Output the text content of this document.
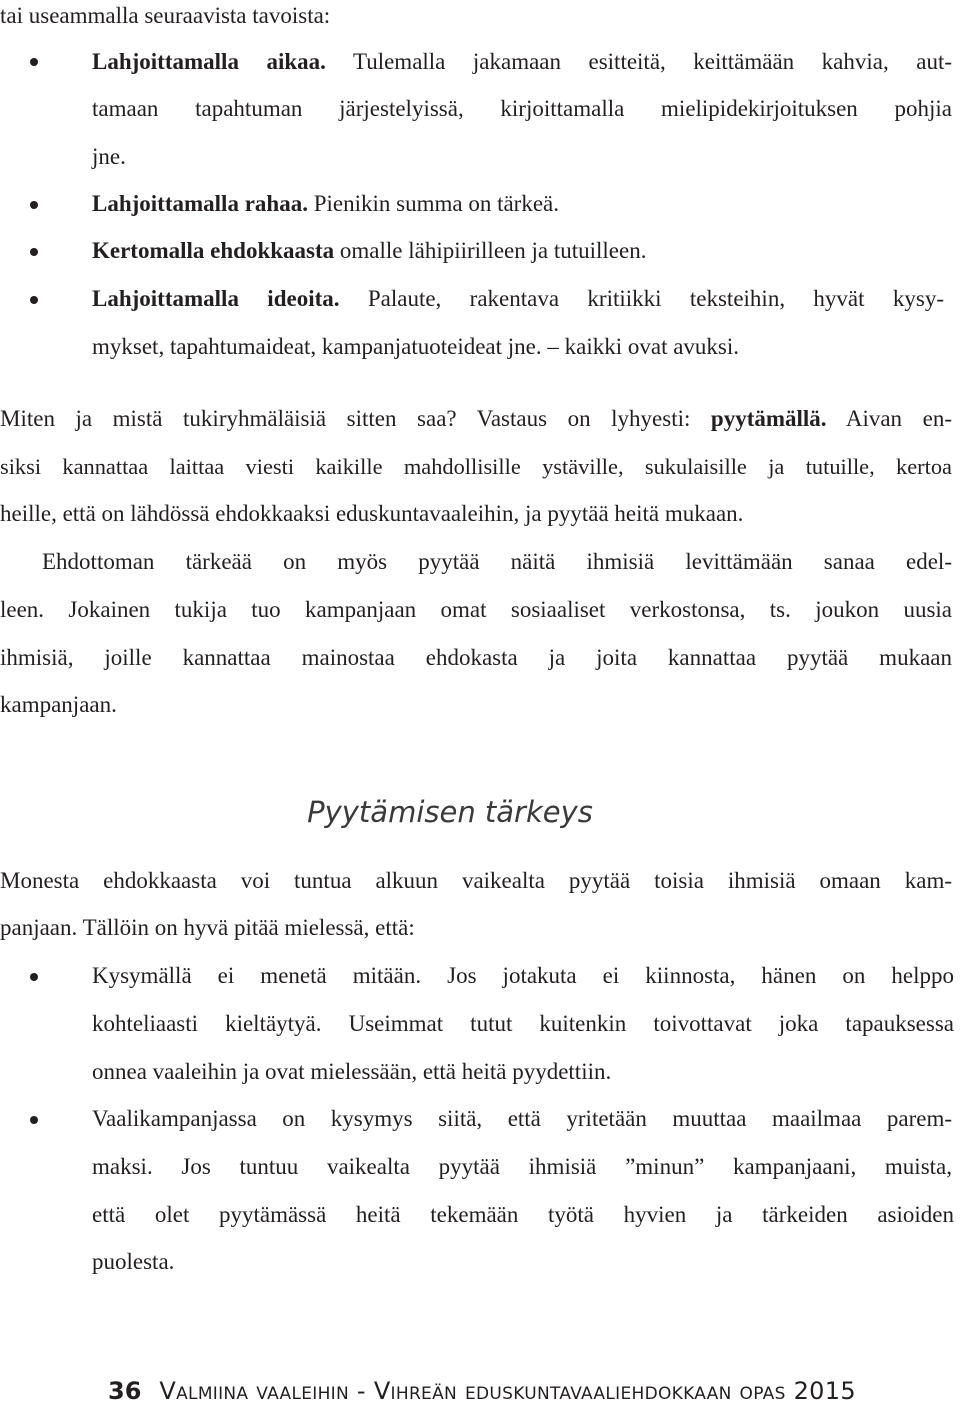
tai useammalla seuraavista tavoista:
Lahjoittamalla aikaa. Tulemalla jakamaan esitteitä, keittämään kahvia, aut-
tamaan tapahtuman järjestelyissä, kirjoittamalla mielipidekirjoituksen pohjia
jne.
Lahjoittamalla rahaa. Pienikin summa on tärkeä.
Kertomalla ehdokkaasta omalle lähipiirilleen ja tutuilleen.
Lahjoittamalla ideoita. Palaute, rakentava kritiikki teksteihin, hyvät kysy-
mykset, tapahtumaideat, kampanjatuoteideat jne. – kaikki ovat avuksi.
Miten ja mistä tukiryhmäläisiä sitten saa? Vastaus on lyhyesti: pyytämällä. Aivan en-
siksi kannattaa laittaa viesti kaikille mahdollisille ystäville, sukulaisille ja tutuille, kertoa
heille, että on lähdössä ehdokkaaksi eduskuntavaaleihin, ja pyytää heitä mukaan.
Ehdottoman tärkeää on myös pyytää näitä ihmisiä levittämään sanaa edel-
leen. Jokainen tukija tuo kampanjaan omat sosiaaliset verkostonsa, ts. joukon uusia
ihmisiä, joille kannattaa mainostaa ehdokasta ja joita kannattaa pyytää mukaan
kampanjaan.
Pyytämisen tärkeys
Monesta ehdokkaasta voi tuntua alkuun vaikealta pyytää toisia ihmisiä omaan kam-
panjaan. Tällöin on hyvä pitää mielessä, että:
Kysymällä ei menetä mitään. Jos jotakuta ei kiinnosta, hänen on helppo
kohteliaasti kieltäytyä. Useimmat tutut kuitenkin toivottavat joka tapauksessa
onnea vaaleihin ja ovat mielessään, että heitä pyydettiin.
Vaalikampanjassa on kysymys siitä, että yritetään muuttaa maailmaa parem-
maksi. Jos tuntuu vaikealta pyytää ihmisiä ”minun” kampanjaani, muista,
että olet pyytämässä heitä tekemään työtä hyvien ja tärkeiden asioiden
puolesta.
36 Valmiina vaaleihin - Vihreän eduskuntavaaliehdokkaan opas 2015
